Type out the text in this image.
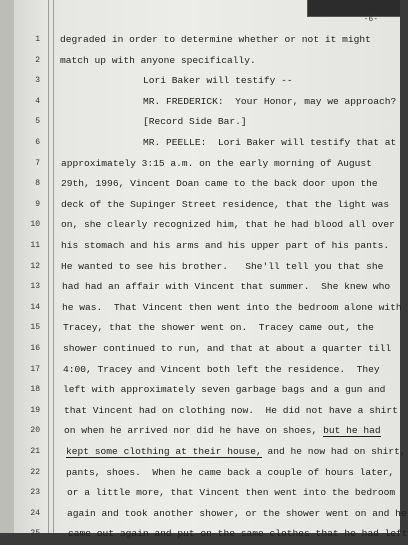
-6-
1 degraded in order to determine whether or not it might
2 match up with anyone specifically.
3	Lori Baker will testify --
4	MR. FREDERICK:  Your Honor, may we approach?
5	[Record Side Bar.]
6	MR. PEELLE:  Lori Baker will testify that at
7 approximately 3:15 a.m. on the early morning of August
8 29th, 1996, Vincent Doan came to the back door upon the
9 deck of the Supinger Street residence, that the light was
10 on, she clearly recognized him, that he had blood all over
11 his stomach and his arms and his upper part of his pants.
12 He wanted to see his brother.   She'll tell you that she
13 had had an affair with Vincent that summer.  She knew who
14 he was.  That Vincent then went into the bedroom alone with
15 Tracey, that the shower went on.  Tracey came out, the
16 shower continued to run, and that at about a quarter till
17 4:00, Tracey and Vincent both left the residence.  They
18 left with approximately seven garbage bags and a gun and
19	that Vincent had on clothing now.  He did not have a shirt
20	on when he arrived nor did he have on shoes, but he had
21	kept some clothing at their house, and he now had on shirt,
22	pants, shoes.  When he came back a couple of hours later,
23	or a little more, that Vincent then went into the bedroom
24	again and took another shower, or the shower went on and he
25	came out again and put on the same clothes that he had left
